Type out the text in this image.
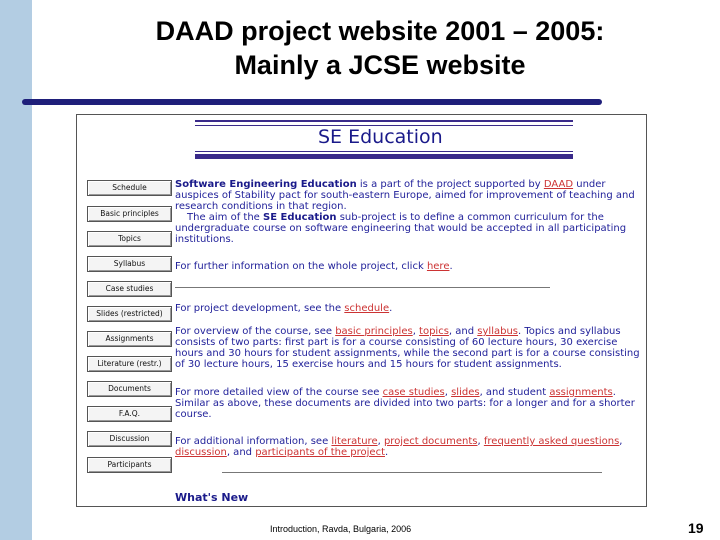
DAAD project website 2001 – 2005:
Mainly a JCSE website
SE Education
Schedule
Basic principles
Topics
Syllabus
Case studies
Slides (restricted)
Assignments
Literature (restr.)
Documents
F.A.Q.
Discussion
Participants
Software Engineering Education is a part of the project supported by DAAD under auspices of Stability pact for south-eastern Europe, aimed for improvement of teaching and research conditions in that region.
The aim of the SE Education sub-project is to define a common curriculum for the undergraduate course on software engineering that would be accepted in all participating institutions.
For further information on the whole project, click here.
For project development, see the schedule.
For overview of the course, see basic principles, topics, and syllabus. Topics and syllabus consists of two parts: first part is for a course consisting of 60 lecture hours, 30 exercise hours and 30 hours for student assignments, while the second part is for a course consisting of 30 lecture hours, 15 exercise hours and 15 hours for student assignments.
For more detailed view of the course see case studies, slides, and student assignments. Similar as above, these documents are divided into two parts: for a longer and for a shorter course.
For additional information, see literature, project documents, frequently asked questions, discussion, and participants of the project.
What's New
Introduction, Ravda, Bulgaria, 2006	19
